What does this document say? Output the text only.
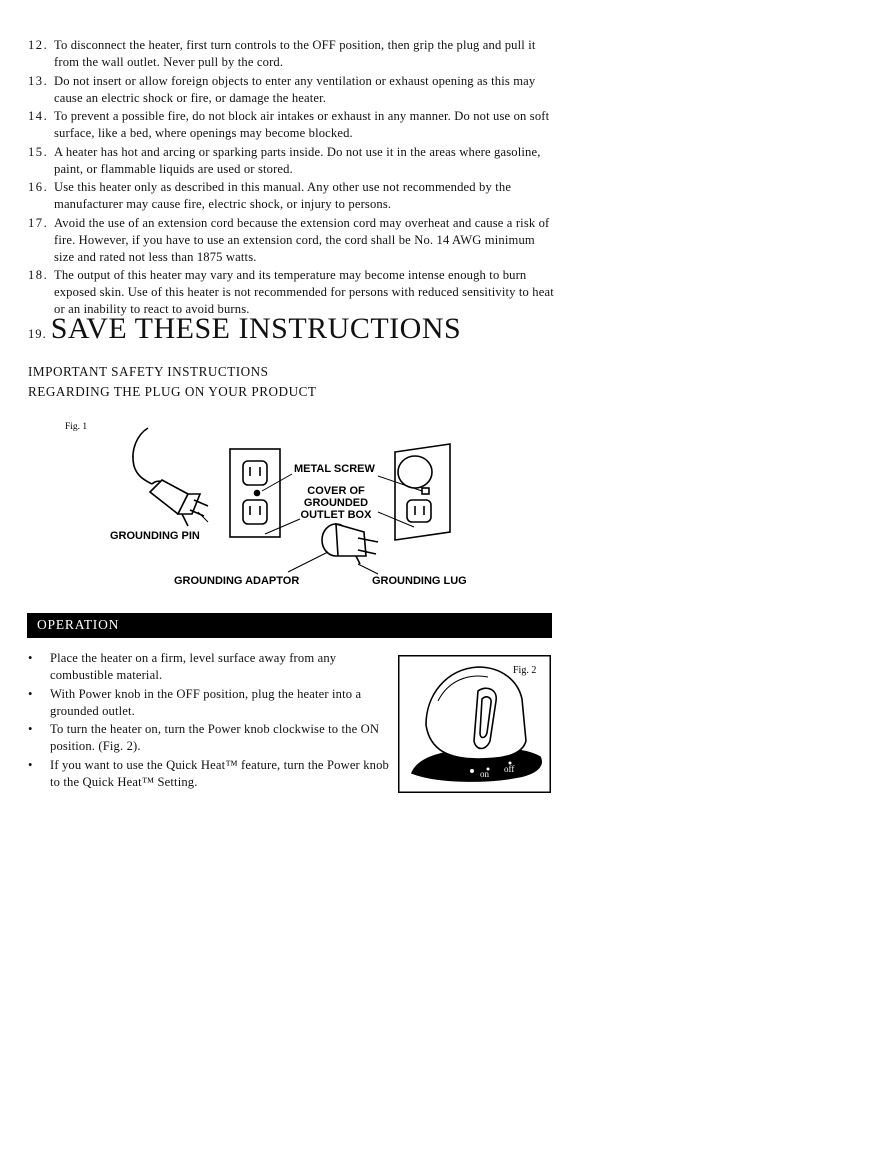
12. To disconnect the heater, first turn controls to the OFF position, then grip the plug and pull it from the wall outlet. Never pull by the cord.
13. Do not insert or allow foreign objects to enter any ventilation or exhaust opening as this may cause an electric shock or fire, or damage the heater.
14. To prevent a possible fire, do not block air intakes or exhaust in any manner. Do not use on soft surface, like a bed, where openings may become blocked.
15. A heater has hot and arcing or sparking parts inside. Do not use it in the areas where gasoline, paint, or flammable liquids are used or stored.
16. Use this heater only as described in this manual. Any other use not recommended by the manufacturer may cause fire, electric shock, or injury to persons.
17. Avoid the use of an extension cord because the extension cord may overheat and cause a risk of fire. However, if you have to use an extension cord, the cord shall be No. 14 AWG minimum size and rated not less than 1875 watts.
18. The output of this heater may vary and its temperature may become intense enough to burn exposed skin. Use of this heater is not recommended for persons with reduced sensitivity to heat or an inability to react to avoid burns.
19. SAVE THESE INSTRUCTIONS
IMPORTANT SAFETY INSTRUCTIONS
REGARDING THE PLUG ON YOUR PRODUCT
Fig. 1
METAL SCREW
COVER OF
GROUNDED
OUTLET BOX
GROUNDING PIN
GROUNDING ADAPTOR	GROUNDING LUG
OPERATION
• Place the heater on a firm, level surface away from any combustible material.
• With Power knob in the OFF position, plug the heater into a grounded outlet.
• To turn the heater on, turn the Power knob clockwise to the ON position. (Fig. 2).
• If you want to use the Quick Heat™ feature, turn the Power knob to the Quick Heat™ Setting.
Fig. 2
QUICK
HEAT on off
